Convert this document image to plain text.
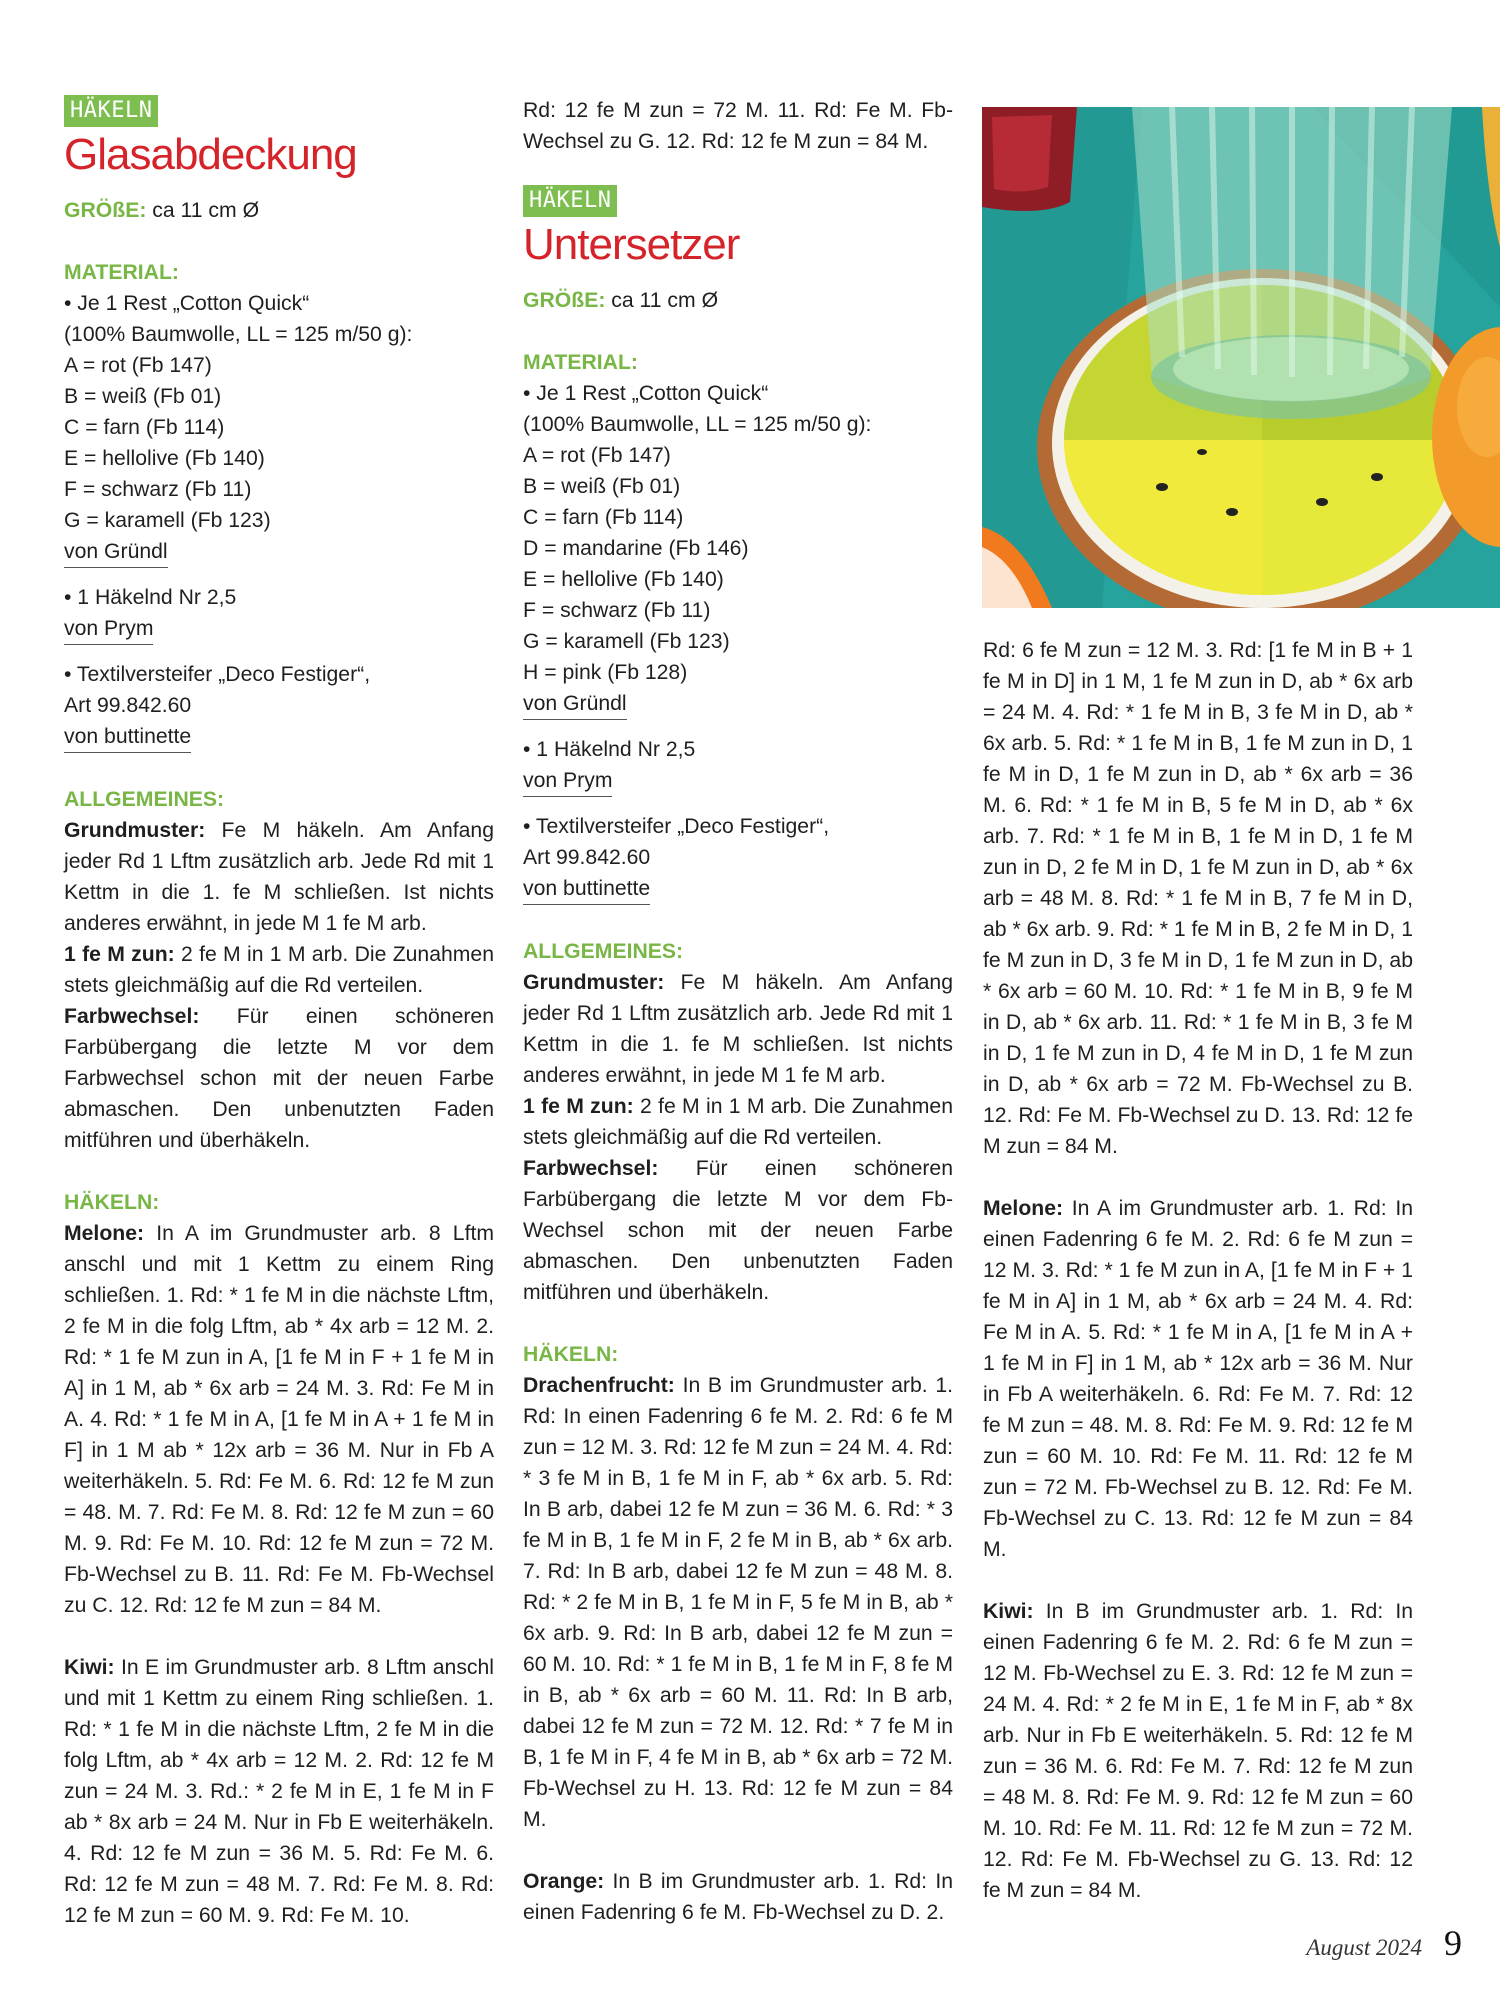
HÄKELN
Glasabdeckung
GRÖßE: ca 11 cm Ø
MATERIAL:
• Je 1 Rest „Cotton Quick“
(100% Baumwolle, LL = 125 m/50 g):
A = rot (Fb 147)
B = weiß (Fb 01)
C = farn (Fb 114)
E = hellolive (Fb 140)
F = schwarz (Fb 11)
G = karamell (Fb 123)
von Gründl
• 1 Häkelnd Nr 2,5
von Prym
• Textilversteifer „Deco Festiger“,
Art 99.842.60
von buttinette
ALLGEMEINES:

Grundmuster: Fe M häkeln. Am Anfang jeder Rd 1 Lftm zusätzlich arb. Jede Rd mit 1 Kettm in die 1. fe M schließen. Ist nichts anderes erwähnt, in jede M 1 fe M arb.

1 fe M zun: 2 fe M in 1 M arb. Die Zunahmen stets gleichmäßig auf die Rd verteilen.

Farbwechsel: Für einen schöneren Farbübergang die letzte M vor dem Farbwechsel schon mit der neuen Farbe abmaschen. Den unbenutzten Faden mitführen und überhäkeln.

HÄKELN:

Melone: In A im Grundmuster arb. 8 Lftm anschl und mit 1 Kettm zu einem Ring schließen. 1. Rd: * 1 fe M in die nächste Lftm, 2 fe M in die folg Lftm, ab * 4x arb = 12 M. 2. Rd: * 1 fe M zun in A, [1 fe M in F + 1 fe M in A] in 1 M, ab * 6x arb = 24 M. 3. Rd: Fe M in A. 4. Rd: * 1 fe M in A, [1 fe M in A + 1 fe M in F] in 1 M ab * 12x arb = 36 M. Nur in Fb A weiterhäkeln. 5. Rd: Fe M. 6. Rd: 12 fe M zun = 48. M. 7. Rd: Fe M. 8. Rd: 12 fe M zun = 60 M. 9. Rd: Fe M. 10. Rd: 12 fe M zun = 72 M. Fb-Wechsel zu B. 11. Rd: Fe M. Fb-Wechsel zu C. 12. Rd: 12 fe M zun = 84 M.

Kiwi: In E im Grundmuster arb. 8 Lftm anschl und mit 1 Kettm zu einem Ring schließen. 1. Rd: * 1 fe M in die nächste Lftm, 2 fe M in die folg Lftm, ab * 4x arb = 12 M. 2. Rd: 12 fe M zun = 24 M. 3. Rd.: * 2 fe M in E, 1 fe M in F ab * 8x arb = 24 M. Nur in Fb E weiterhäkeln. 4. Rd: 12 fe M zun = 36 M. 5. Rd: Fe M. 6. Rd: 12 fe M zun = 48 M. 7. Rd: Fe M. 8. Rd: 12 fe M zun = 60 M. 9. Rd: Fe M. 10.

Rd: 12 fe M zun = 72 M. 11. Rd: Fe M. Fb-Wechsel zu G. 12. Rd: 12 fe M zun = 84 M.

HÄKELN
Untersetzer
GRÖßE: ca 11 cm Ø
MATERIAL:
• Je 1 Rest „Cotton Quick“
(100% Baumwolle, LL = 125 m/50 g):
A = rot (Fb 147)
B = weiß (Fb 01)
C = farn (Fb 114)
D = mandarine (Fb 146)
E = hellolive (Fb 140)
F = schwarz (Fb 11)
G = karamell (Fb 123)
H = pink (Fb 128)
von Gründl
• 1 Häkelnd Nr 2,5
von Prym
• Textilversteifer „Deco Festiger“,
Art 99.842.60
von buttinette
ALLGEMEINES:

Grundmuster: Fe M häkeln. Am Anfang jeder Rd 1 Lftm zusätzlich arb. Jede Rd mit 1 Kettm in die 1. fe M schließen. Ist nichts anderes erwähnt, in jede M 1 fe M arb.

1 fe M zun: 2 fe M in 1 M arb. Die Zunahmen stets gleichmäßig auf die Rd verteilen.

Farbwechsel: Für einen schöneren Farbübergang die letzte M vor dem Fb-Wechsel schon mit der neuen Farbe abmaschen. Den unbenutzten Faden mitführen und überhäkeln.

HÄKELN:

Drachenfrucht: In B im Grundmuster arb. 1. Rd: In einen Fadenring 6 fe M. 2. Rd: 6 fe M zun = 12 M. 3. Rd: 12 fe M zun = 24 M. 4. Rd: * 3 fe M in B, 1 fe M in F, ab * 6x arb. 5. Rd: In B arb, dabei 12 fe M zun = 36 M. 6. Rd: * 3 fe M in B, 1 fe M in F, 2 fe M in B, ab * 6x arb. 7. Rd: In B arb, dabei 12 fe M zun = 48 M. 8. Rd: * 2 fe M in B, 1 fe M in F, 5 fe M in B, ab * 6x arb. 9. Rd: In B arb, dabei 12 fe M zun = 60 M. 10. Rd: * 1 fe M in B, 1 fe M in F, 8 fe M in B, ab * 6x arb = 60 M. 11. Rd: In B arb, dabei 12 fe M zun = 72 M. 12. Rd: * 7 fe M in B, 1 fe M in F, 4 fe M in B, ab * 6x arb = 72 M. Fb-Wechsel zu H. 13. Rd: 12 fe M zun = 84 M.

Orange: In B im Grundmuster arb. 1. Rd: In einen Fadenring 6 fe M. Fb-Wechsel zu D. 2.

Rd: 6 fe M zun = 12 M. 3. Rd: [1 fe M in B + 1 fe M in D] in 1 M, 1 fe M zun in D, ab * 6x arb = 24 M. 4. Rd: * 1 fe M in B, 3 fe M in D, ab * 6x arb. 5. Rd: * 1 fe M in B, 1 fe M zun in D, 1 fe M in D, 1 fe M zun in D, ab * 6x arb = 36 M. 6. Rd: * 1 fe M in B, 5 fe M in D, ab * 6x arb. 7. Rd: * 1 fe M in B, 1 fe M in D, 1 fe M zun in D, 2 fe M in D, 1 fe M zun in D, ab * 6x arb = 48 M. 8. Rd: * 1 fe M in B, 7 fe M in D, ab * 6x arb. 9. Rd: * 1 fe M in B, 2 fe M in D, 1 fe M zun in D, 3 fe M in D, 1 fe M zun in D, ab * 6x arb = 60 M. 10. Rd: * 1 fe M in B, 9 fe M in D, ab * 6x arb. 11. Rd: * 1 fe M in B, 3 fe M in D, 1 fe M zun in D, 4 fe M in D, 1 fe M zun in D, ab * 6x arb = 72 M. Fb-Wechsel zu B. 12. Rd: Fe M. Fb-Wechsel zu D. 13. Rd: 12 fe M zun = 84 M.

Melone: In A im Grundmuster arb. 1. Rd: In einen Fadenring 6 fe M. 2. Rd: 6 fe M zun = 12 M. 3. Rd: * 1 fe M zun in A, [1 fe M in F + 1 fe M in A] in 1 M, ab * 6x arb = 24 M. 4. Rd: Fe M in A. 5. Rd: * 1 fe M in A, [1 fe M in A + 1 fe M in F] in 1 M, ab * 12x arb = 36 M. Nur in Fb A weiterhäkeln. 6. Rd: Fe M. 7. Rd: 12 fe M zun = 48. M. 8. Rd: Fe M. 9. Rd: 12 fe M zun = 60 M. 10. Rd: Fe M. 11. Rd: 12 fe M zun = 72 M. Fb-Wechsel zu B. 12. Rd: Fe M. Fb-Wechsel zu C. 13. Rd: 12 fe M zun = 84 M.

Kiwi: In B im Grundmuster arb. 1. Rd: In einen Fadenring 6 fe M. 2. Rd: 6 fe M zun = 12 M. Fb-Wechsel zu E. 3. Rd: 12 fe M zun = 24 M. 4. Rd: * 2 fe M in E, 1 fe M in F, ab * 8x arb. Nur in Fb E weiterhäkeln. 5. Rd: 12 fe M zun = 36 M. 6. Rd: Fe M. 7. Rd: 12 fe M zun = 48 M. 8. Rd: Fe M. 9. Rd: 12 fe M zun = 60 M. 10. Rd: Fe M. 11. Rd: 12 fe M zun = 72 M. 12. Rd: Fe M. Fb-Wechsel zu G. 13. Rd: 12 fe M zun = 84 M.

August 2024 9
